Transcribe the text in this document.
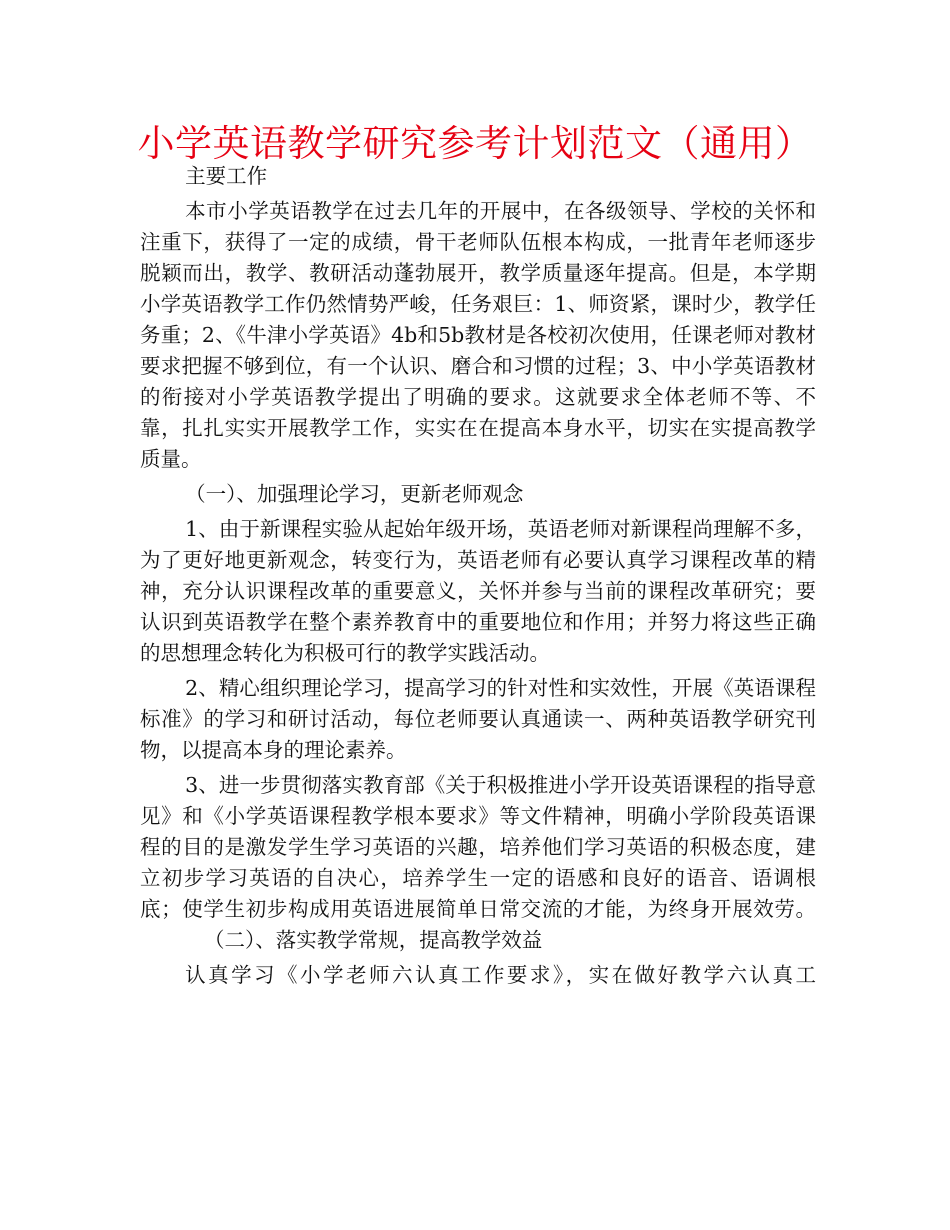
小学英语教学研究参考计划范文（通用）

主要工作

本市小学英语教学在过去几年的开展中，在各级领导、学校的关怀和注重下，获得了一定的成绩，骨干老师队伍根本构成，一批青年老师逐步脱颖而出，教学、教研活动蓬勃展开，教学质量逐年提高。但是，本学期小学英语教学工作仍然情势严峻，任务艰巨：1、师资紧，课时少，教学任务重；2、《牛津小学英语》4b和5b教材是各校初次使用，任课老师对教材要求把握不够到位，有一个认识、磨合和习惯的过程；3、中小学英语教材的衔接对小学英语教学提出了明确的要求。这就要求全体老师不等、不靠，扎扎实实开展教学工作，实实在在提高本身水平，切实在实提高教学质量。

（一）、加强理论学习，更新老师观念

1、由于新课程实验从起始年级开场，英语老师对新课程尚理解不多，为了更好地更新观念，转变行为，英语老师有必要认真学习课程改革的精神，充分认识课程改革的重要意义，关怀并参与当前的课程改革研究；要认识到英语教学在整个素养教育中的重要地位和作用；并努力将这些正确的思想理念转化为积极可行的教学实践活动。

2、精心组织理论学习，提高学习的针对性和实效性，开展《英语课程标准》的学习和研讨活动，每位老师要认真通读一、两种英语教学研究刊物，以提高本身的理论素养。

3、进一步贯彻落实教育部《关于积极推进小学开设英语课程的指导意见》和《小学英语课程教学根本要求》等文件精神，明确小学阶段英语课程的目的是激发学生学习英语的兴趣，培养他们学习英语的积极态度，建立初步学习英语的自决心，培养学生一定的语感和良好的语音、语调根底；使学生初步构成用英语进展简单日常交流的才能，为终身开展效劳。（二）、落实教学常规，提高教学效益

认真学习《小学老师六认真工作要求》，实在做好教学六认真工
